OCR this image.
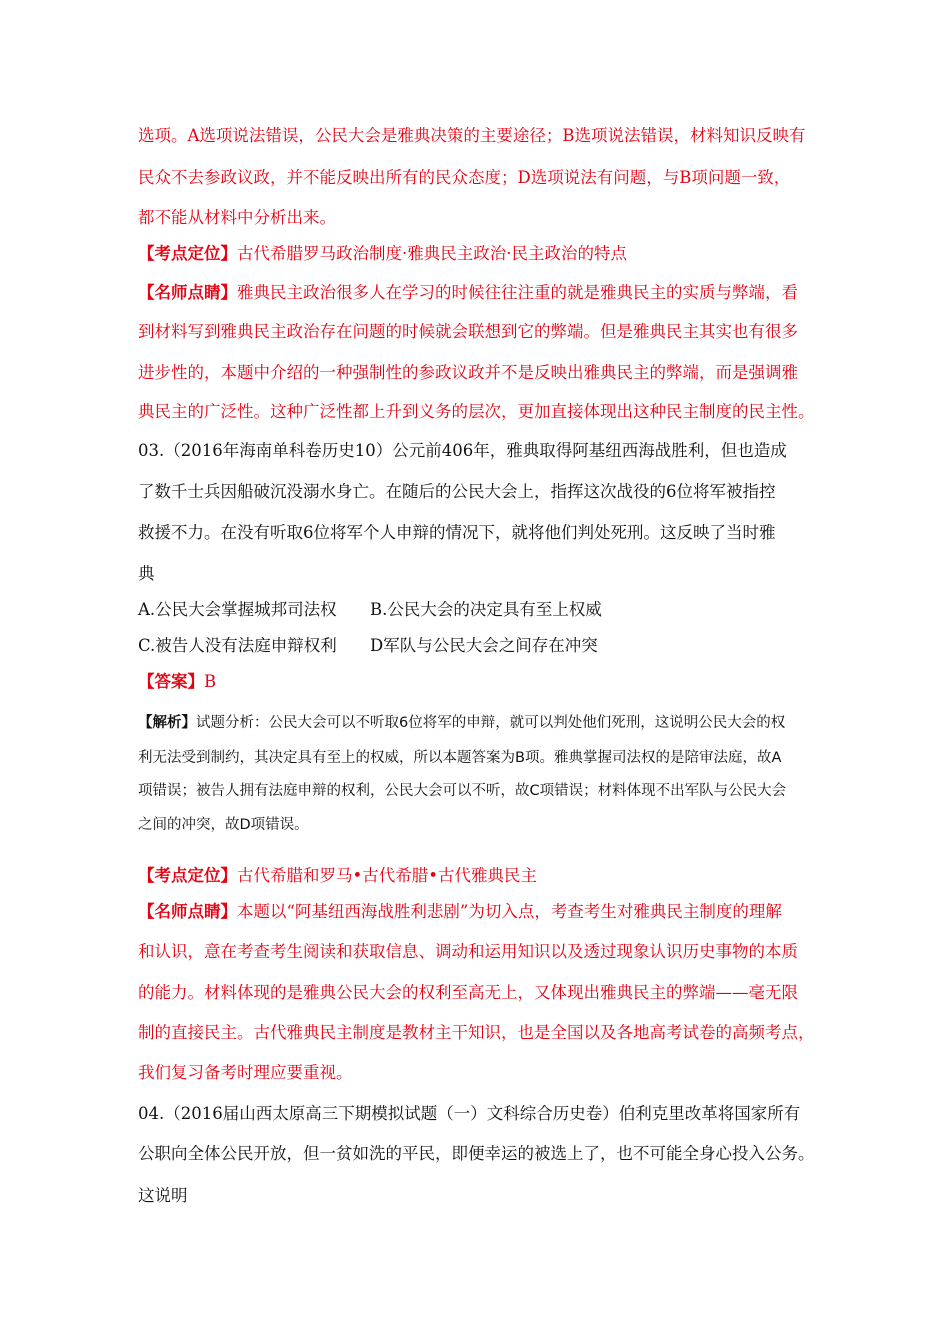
选项。A选项说法错误，公民大会是雅典决策的主要途径；B选项说法错误，材料知识反映有
民众不去参政议政，并不能反映出所有的民众态度；D选项说法有问题，与B项问题一致，
都不能从材料中分析出来。
【考点定位】古代希腊罗马政治制度·雅典民主政治·民主政治的特点
【名师点睛】雅典民主政治很多人在学习的时候往往注重的就是雅典民主的实质与弊端，看
到材料写到雅典民主政治存在问题的时候就会联想到它的弊端。但是雅典民主其实也有很多
进步性的，本题中介绍的一种强制性的参政议政并不是反映出雅典民主的弊端，而是强调雅
典民主的广泛性。这种广泛性都上升到义务的层次，更加直接体现出这种民主制度的民主性。
03.（2016年海南单科卷历史10）公元前406年，雅典取得阿基纽西海战胜利，但也造成
了数千士兵因船破沉没溺水身亡。在随后的公民大会上，指挥这次战役的6位将军被指控
救援不力。在没有听取6位将军个人申辩的情况下，就将他们判处死刑。这反映了当时雅
典
A.公民大会掌握城邦司法权 B.公民大会的决定具有至上权威
C.被告人没有法庭申辩权利 D军队与公民大会之间存在冲突
【答案】B
【解析】试题分析：公民大会可以不听取6位将军的申辩，就可以判处他们死刑，这说明公民大会的权
利无法受到制约，其决定具有至上的权威，所以本题答案为B项。雅典掌握司法权的是陪审法庭，故A
项错误；被告人拥有法庭申辩的权利，公民大会可以不听，故C项错误；材料体现不出军队与公民大会
之间的冲突，故D项错误。
【考点定位】古代希腊和罗马•古代希腊•古代雅典民主
【名师点睛】本题以“阿基纽西海战胜利悲剧”为切入点，考查考生对雅典民主制度的理解
和认识，意在考查考生阅读和获取信息、调动和运用知识以及透过现象认识历史事物的本质
的能力。材料体现的是雅典公民大会的权利至高无上，又体现出雅典民主的弊端——毫无限
制的直接民主。古代雅典民主制度是教材主干知识，也是全国以及各地高考试卷的高频考点，
我们复习备考时理应要重视。
04.（2016届山西太原高三下期模拟试题（一）文科综合历史卷）伯利克里改革将国家所有
公职向全体公民开放，但一贫如洗的平民，即便幸运的被选上了，也不可能全身心投入公务。
这说明
